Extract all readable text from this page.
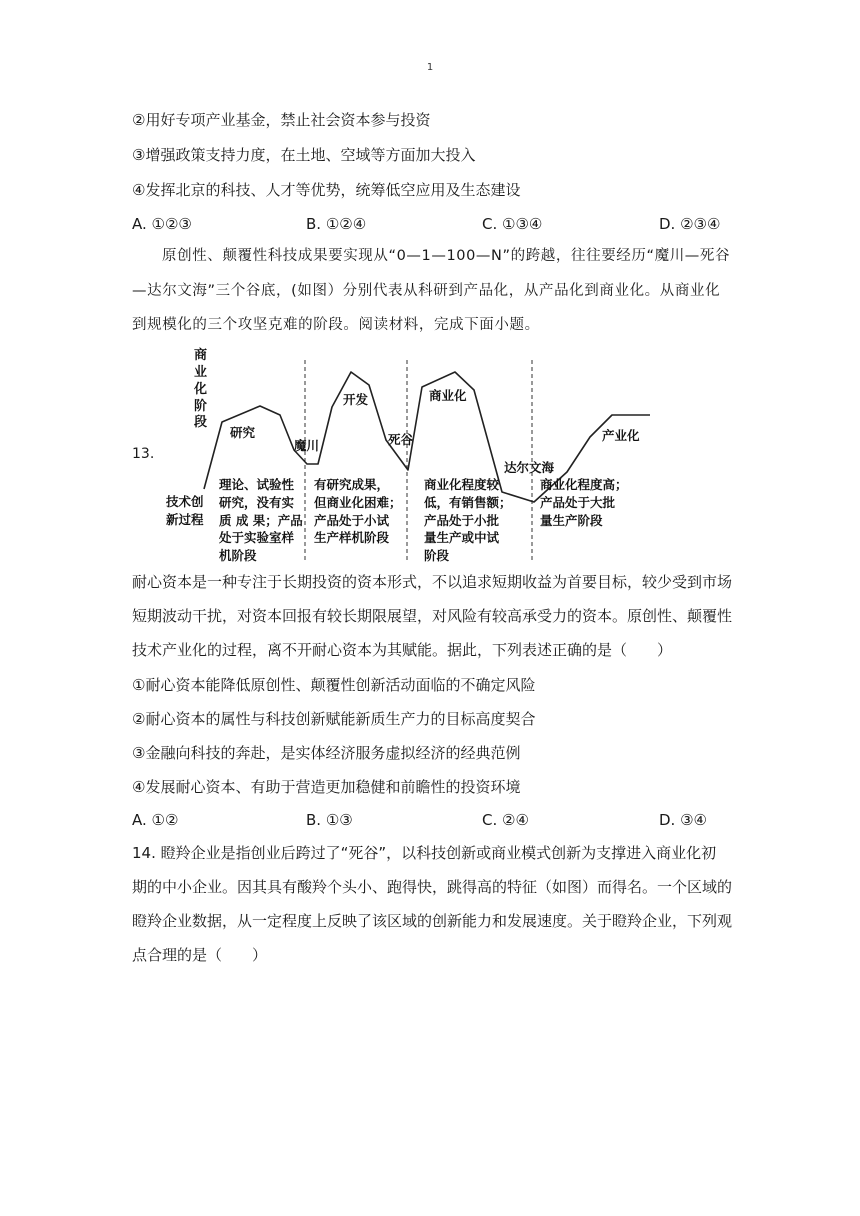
1
②用好专项产业基金，禁止社会资本参与投资
③增强政策支持力度，在土地、空域等方面加大投入
④发挥北京的科技、人才等优势，统筹低空应用及生态建设
A. ①②③	B. ①②④	C. ①③④	D. ②③④
原创性、颠覆性科技成果要实现从“0—1—100—N”的跨越，往往要经历“魔川—死谷
—达尔文海”三个谷底，(如图）分别代表从科研到产品化，从产品化到商业化。从商业化
到规模化的三个攻坚克难的阶段。阅读材料，完成下面小题。
13.
商
业
化
阶
段
技术创
新过程
研究
开发	商业化
产业化
魔川	死谷
达尔文海
理论、试验性
研究，没有实
质 成 果；产品
处于实验室样
机阶段
有研究成果，
但商业化困难；
产品处于小试
生产样机阶段
商业化程度较
低，有销售额；
产品处于小批
量生产或中试
阶段
商业化程度高；
产品处于大批
量生产阶段
耐心资本是一种专注于长期投资的资本形式，不以追求短期收益为首要目标，较少受到市场
短期波动干扰，对资本回报有较长期限展望，对风险有较高承受力的资本。原创性、颠覆性
技术产业化的过程，离不开耐心资本为其赋能。据此，下列表述正确的是（　　）
①耐心资本能降低原创性、颠覆性创新活动面临的不确定风险
②耐心资本的属性与科技创新赋能新质生产力的目标高度契合
③金融向科技的奔赴，是实体经济服务虚拟经济的经典范例
④发展耐心资本、有助于营造更加稳健和前瞻性的投资环境
A. ①②	B. ①③	C. ②④	D. ③④
14. 瞪羚企业是指创业后跨过了“死谷”，以科技创新或商业模式创新为支撑进入商业化初
期的中小企业。因其具有酸羚个头小、跑得快，跳得高的特征（如图）而得名。一个区域的
瞪羚企业数据，从一定程度上反映了该区域的创新能力和发展速度。关于瞪羚企业，下列观
点合理的是（　　）
